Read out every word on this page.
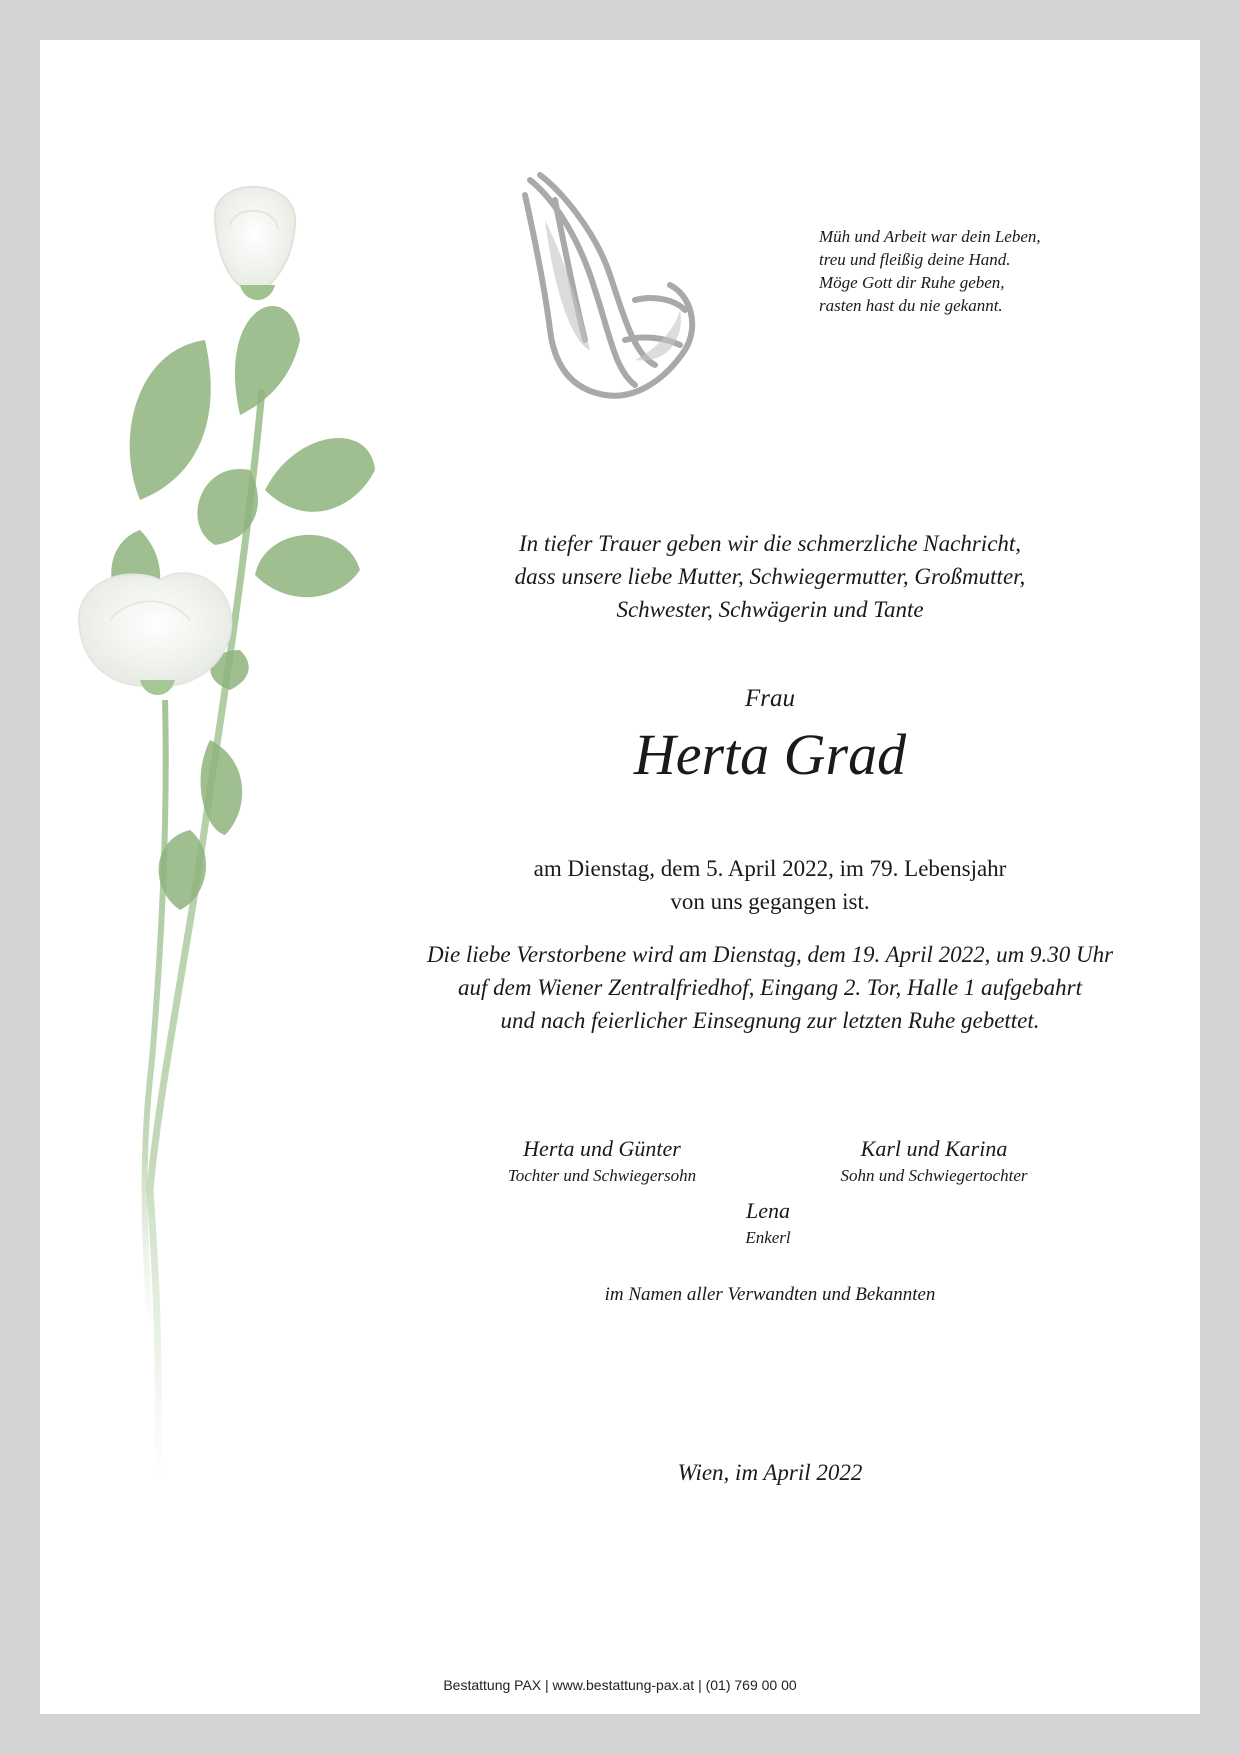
Müh und Arbeit war dein Leben,
treu und fleißig deine Hand.
Möge Gott dir Ruhe geben,
rasten hast du nie gekannt.
In tiefer Trauer geben wir die schmerzliche Nachricht,
dass unsere liebe Mutter, Schwiegermutter, Großmutter,
Schwester, Schwägerin und Tante
Frau
Herta Grad
am Dienstag, dem 5. April 2022, im 79. Lebensjahr
von uns gegangen ist.
Die liebe Verstorbene wird am Dienstag, dem 19. April 2022, um 9.30 Uhr
auf dem Wiener Zentralfriedhof, Eingang 2. Tor, Halle 1 aufgebahrt
und nach feierlicher Einsegnung zur letzten Ruhe gebettet.
Herta und Günter
Tochter und Schwiegersohn
Karl und Karina
Sohn und Schwiegertochter
Lena
Enkerl
im Namen aller Verwandten und Bekannten
Wien, im April 2022
Bestattung PAX | www.bestattung-pax.at | (01) 769 00 00
